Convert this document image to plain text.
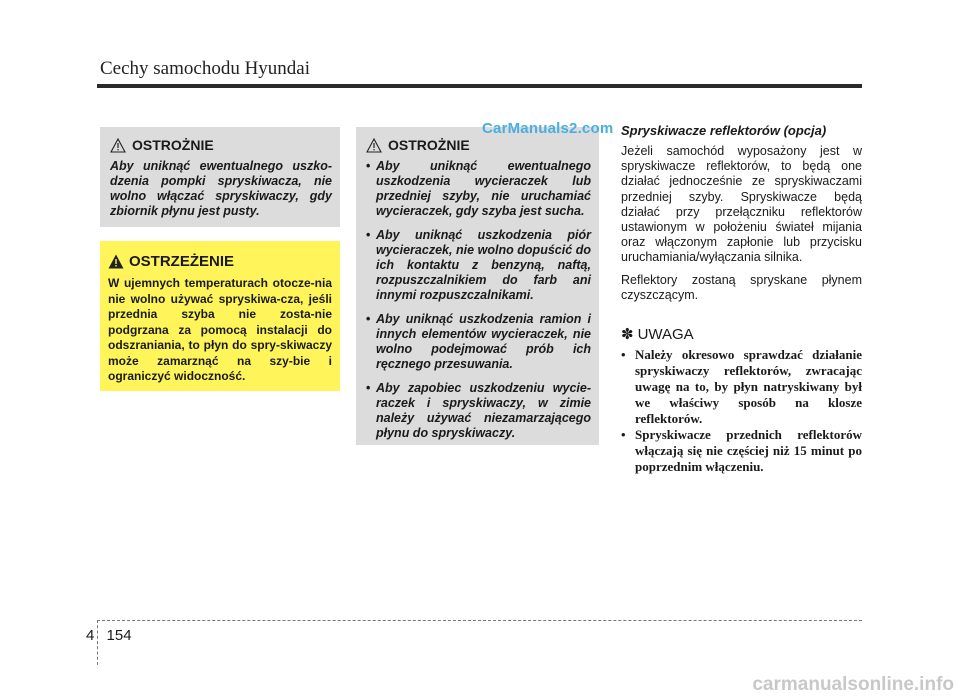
Cechy samochodu Hyundai
OSTROŻNIE

Aby uniknąć ewentualnego uszko-dzenia pompki spryskiwacza, nie wolno włączać spryskiwaczy, gdy zbiornik płynu jest pusty.

OSTRZEŻENIE

W ujemnych temperaturach otocze-nia nie wolno używać spryskiwa-cza, jeśli przednia szyba nie zosta-nie podgrzana za pomocą instalacji do odszraniania, to płyn do spry-skiwaczy może zamarznąć na szy-bie i ograniczyć widoczność.

OSTROŻNIE
• Aby uniknąć ewentualnego uszkodzenia wycieraczek lub przedniej szyby, nie uruchamiać wycieraczek, gdy szyba jest sucha.
• Aby uniknąć uszkodzenia piór wycieraczek, nie wolno dopuścić do ich kontaktu z benzyną, naftą, rozpuszczalnikiem do farb ani innymi rozpuszczalnikami.
• Aby uniknąć uszkodzenia ramion i innych elementów wycieraczek, nie wolno podejmować prób ich ręcznego przesuwania.
• Aby zapobiec uszkodzeniu wycie-raczek i spryskiwaczy, w zimie należy używać niezamarzającego płynu do spryskiwaczy.
CarManuals2.com Spryskiwacze reflektorów (opcja)

Jeżeli samochód wyposażony jest w spryskiwacze reflektorów, to będą one działać jednocześnie ze spryskiwaczami przedniej szyby. Spryskiwacze będą działać przy przełączniku reflektorów ustawionym w położeniu świateł mijania oraz włączonym zapłonie lub przycisku uruchamiania/wyłączania silnika.

Reflektory zostaną spryskane płynem czyszczącym.

✽ UWAGA
• Należy okresowo sprawdzać działanie spryskiwaczy reflektorów, zwracając uwagę na to, by płyn natryskiwany był we właściwy sposób na klosze reflektorów.
• Spryskiwacze przednich reflektorów włączają się nie częściej niż 15 minut po poprzednim włączeniu.
4 154
carmanualsonline.info
